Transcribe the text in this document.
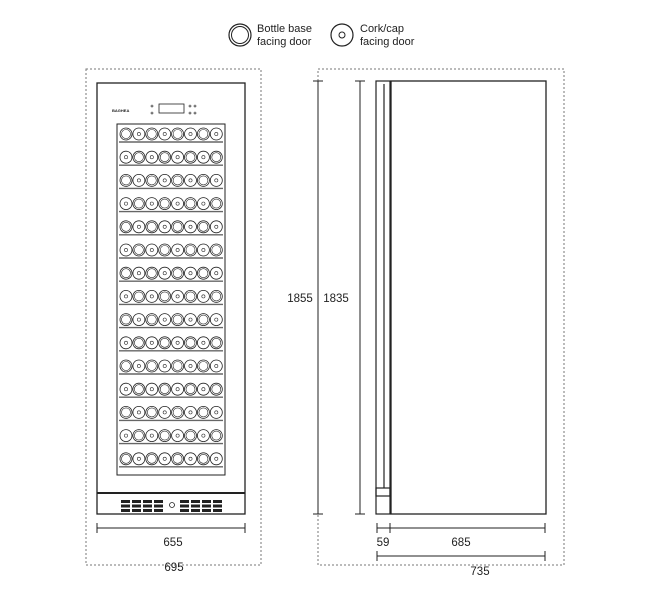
Bottle base
facing door
Cork/cap
facing door
BAGHEA
655
695
1855 1835
59	685
735
